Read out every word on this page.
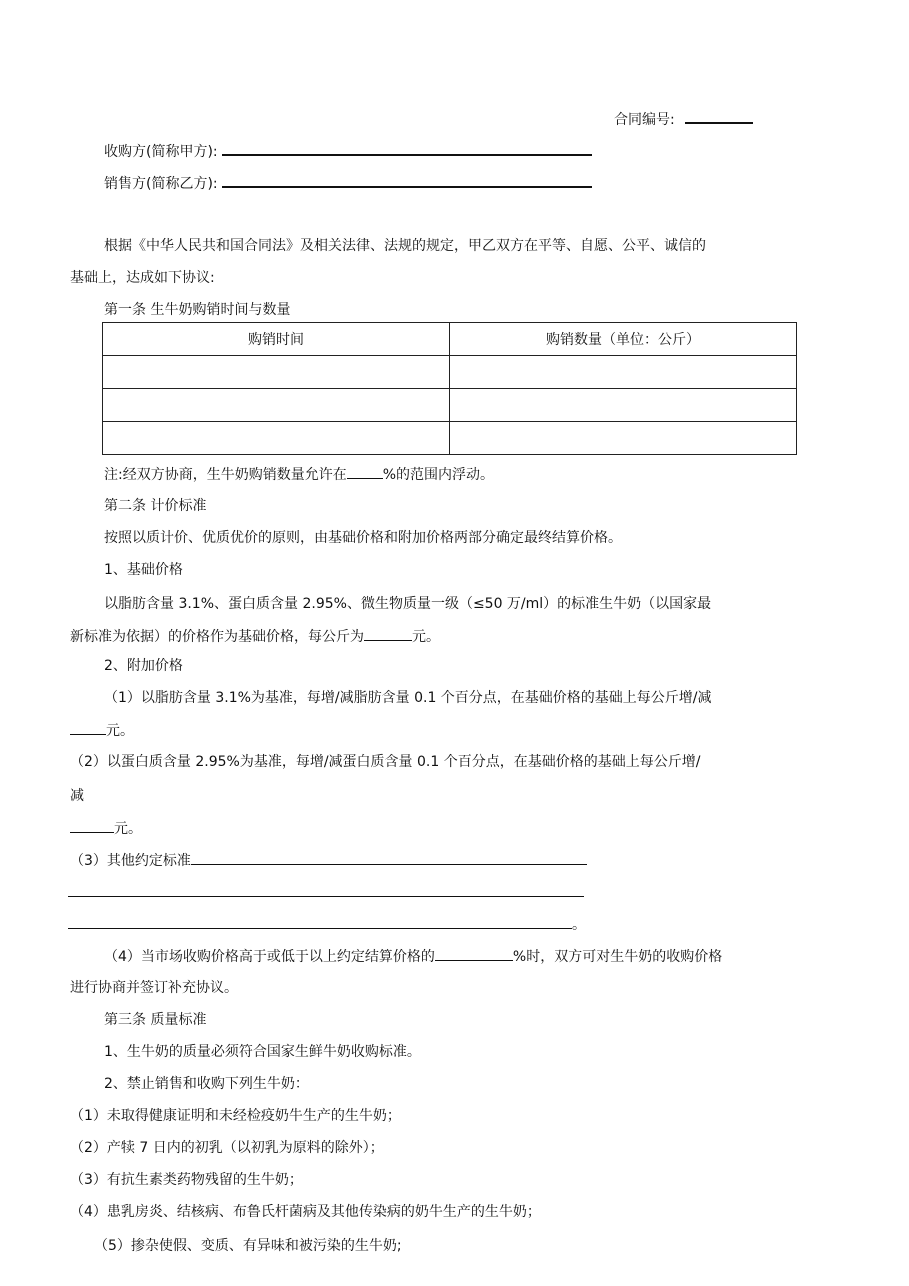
合同编号:
收购方(简称甲方):
销售方(简称乙方):
根据《中华人民共和国合同法》及相关法律、法规的规定，甲乙双方在平等、自愿、公平、诚信的
基础上，达成如下协议:
第一条 生牛奶购销时间与数量
购销时间	购销数量（单位：公斤）

注:经双方协商，生牛奶购销数量允许在	%的范围内浮动。
第二条 计价标准
按照以质计价、优质优价的原则，由基础价格和附加价格两部分确定最终结算价格。
1、基础价格
以脂肪含量 3.1%、蛋白质含量 2.95%、微生物质量一级（≤50 万/ml）的标准生牛奶（以国家最
新标准为依据）的价格作为基础价格，每公斤为	元。
2、附加价格
（1）以脂肪含量 3.1%为基准，每增/减脂肪含量 0.1 个百分点，在基础价格的基础上每公斤增/减
元。
（2）以蛋白质含量 2.95%为基准，每增/减蛋白质含量 0.1 个百分点，在基础价格的基础上每公斤增/
减
元。
（3）其他约定标准
。
（4）当市场收购价格高于或低于以上约定结算价格的	%时，双方可对生牛奶的收购价格
进行协商并签订补充协议。
第三条 质量标准
1、生牛奶的质量必须符合国家生鲜牛奶收购标准。
2、禁止销售和收购下列生牛奶：
（1）未取得健康证明和未经检疫奶牛生产的生牛奶；
（2）产犊 7 日内的初乳（以初乳为原料的除外）；
（3）有抗生素类药物残留的生牛奶；
（4）患乳房炎、结核病、布鲁氏杆菌病及其他传染病的奶牛生产的生牛奶；
（5）掺杂使假、变质、有异味和被污染的生牛奶;
